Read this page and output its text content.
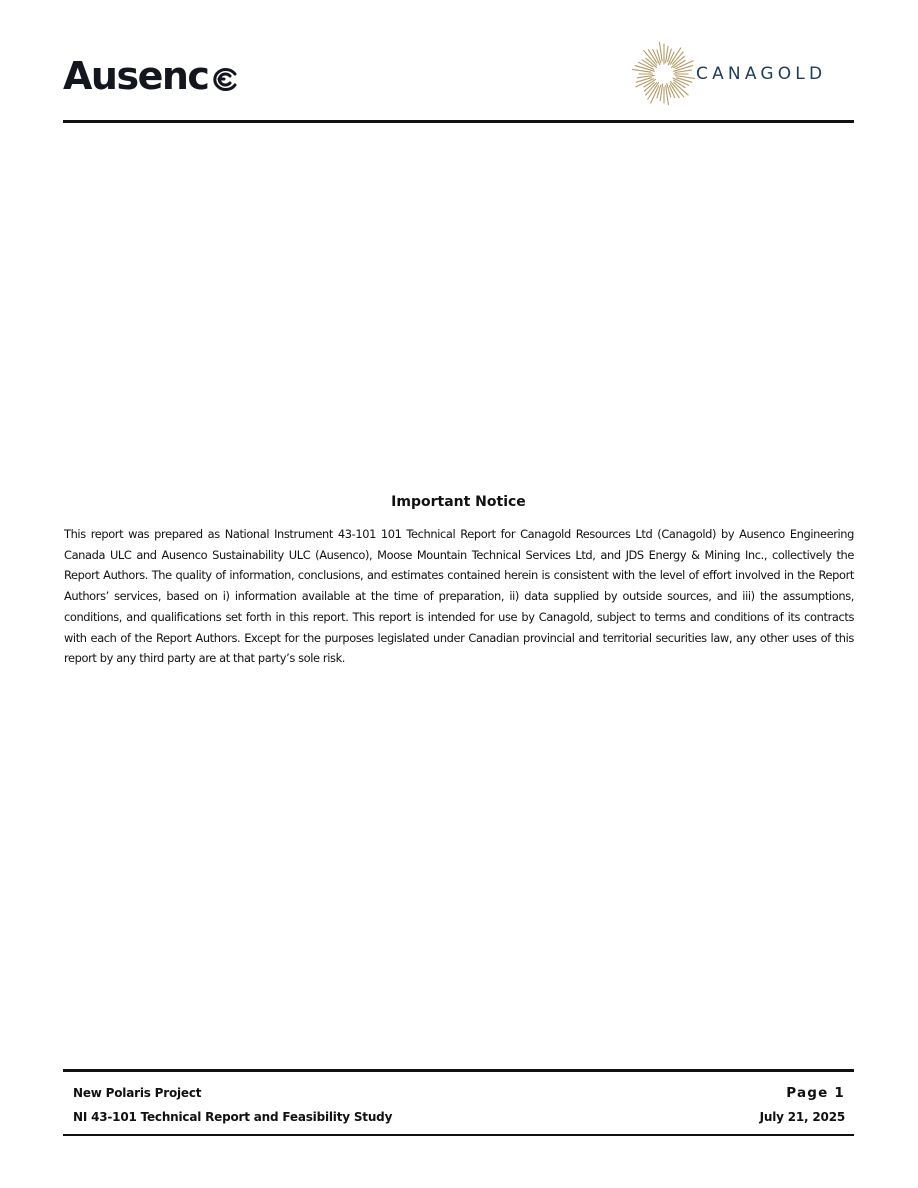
Ausenc	CANAGOLD
Important Notice
This report was prepared as National Instrument 43-101 101 Technical Report for Canagold Resources Ltd (Canagold) by Ausenco Engineering Canada ULC and Ausenco Sustainability ULC (Ausenco), Moose Mountain Technical Services Ltd, and JDS Energy & Mining Inc., collectively the Report Authors. The quality of information, conclusions, and estimates contained herein is consistent with the level of effort involved in the Report Authors’ services, based on i) information available at the time of preparation, ii) data supplied by outside sources, and iii) the assumptions, conditions, and qualifications set forth in this report. This report is intended for use by Canagold, subject to terms and conditions of its contracts with each of the Report Authors. Except for the purposes legislated under Canadian provincial and territorial securities law, any other uses of this report by any third party are at that party’s sole risk.
New Polaris Project
NI 43-101 Technical Report and Feasibility Study
Page 1
July 21, 2025
